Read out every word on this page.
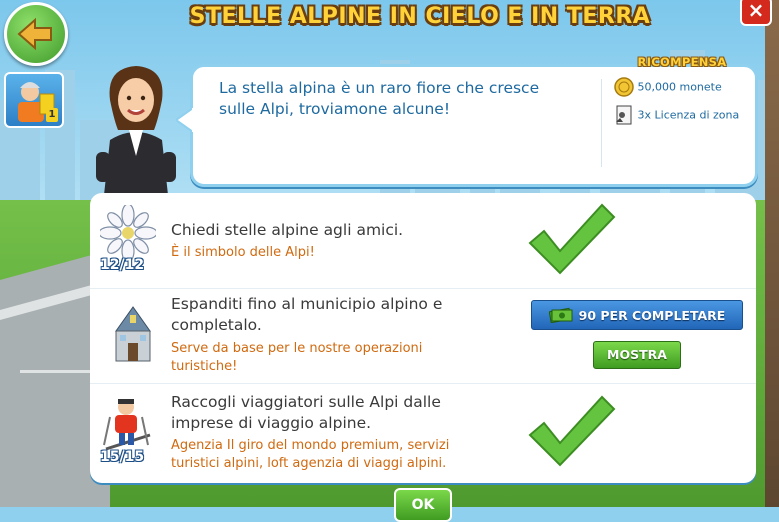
STELLE ALPINE IN CIELO E IN TERRA	×
1
La stella alpina è un raro fiore che cresce sulle Alpi, troviamone alcune!
RICOMPENSA
50,000 monete
3x Licenza di zona
12/12
Chiedi stelle alpine agli amici.
È il simbolo delle Alpi!
Espanditi fino al municipio alpino e completalo.
Serve da base per le nostre operazioni turistiche!
90 PER COMPLETARE
MOSTRA
15/15
Raccogli viaggiatori sulle Alpi dalle imprese di viaggio alpine.
Agenzia Il giro del mondo premium, servizi turistici alpini, loft agenzia di viaggi alpini.
OK
